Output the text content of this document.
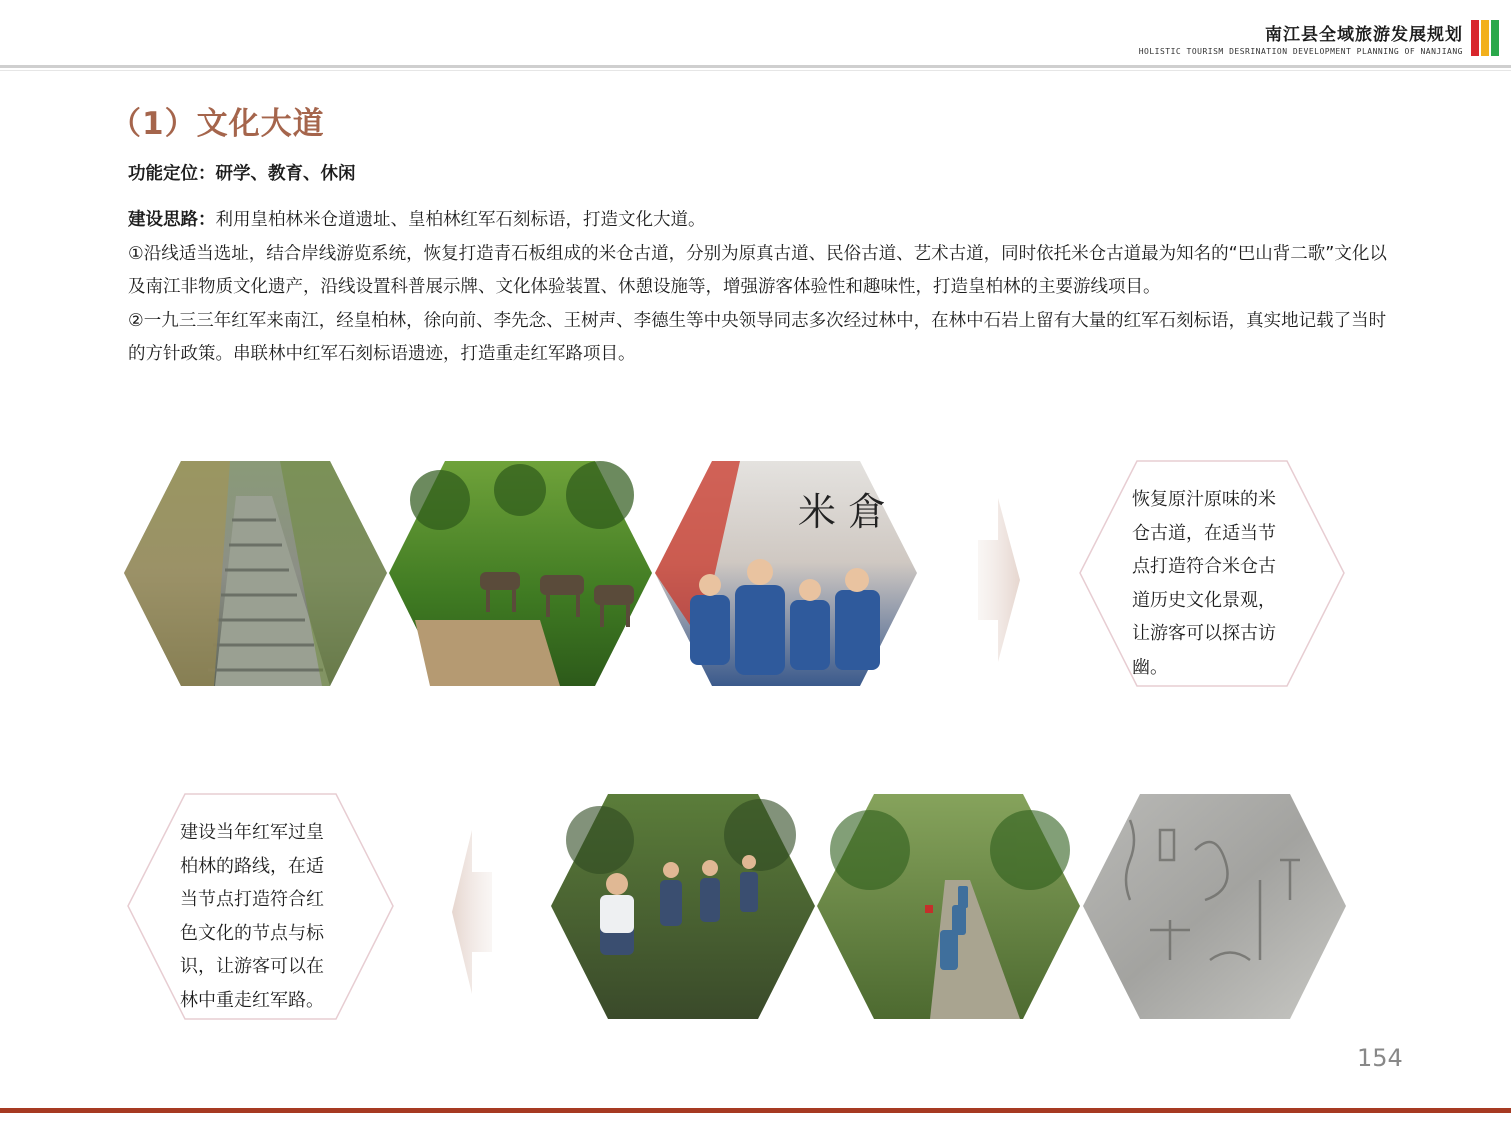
南江县全域旅游发展规划
HOLISTIC TOURISM DESRINATION DEVELOPMENT PLANNING OF NANJIANG
（1）文化大道
功能定位：研学、教育、休闲
建设思路：利用皇柏林米仓道遗址、皇柏林红军石刻标语，打造文化大道。
①沿线适当选址，结合岸线游览系统，恢复打造青石板组成的米仓古道，分别为原真古道、民俗古道、艺术古道，同时依托米仓古道最为知名的“巴山背二歌”文化以及南江非物质文化遗产，沿线设置科普展示牌、文化体验装置、休憩设施等，增强游客体验性和趣味性，打造皇柏林的主要游线项目。
②一九三三年红军来南江，经皇柏林，徐向前、李先念、王树声、李德生等中央领导同志多次经过林中，在林中石岩上留有大量的红军石刻标语，真实地记载了当时的方针政策。串联林中红军石刻标语遗迹，打造重走红军路项目。
米 倉	恢复原汁原味的米仓古道，在适当节点打造符合米仓古道历史文化景观，让游客可以探古访幽。
建设当年红军过皇柏林的路线，在适当节点打造符合红色文化的节点与标识，让游客可以在林中重走红军路。
154
